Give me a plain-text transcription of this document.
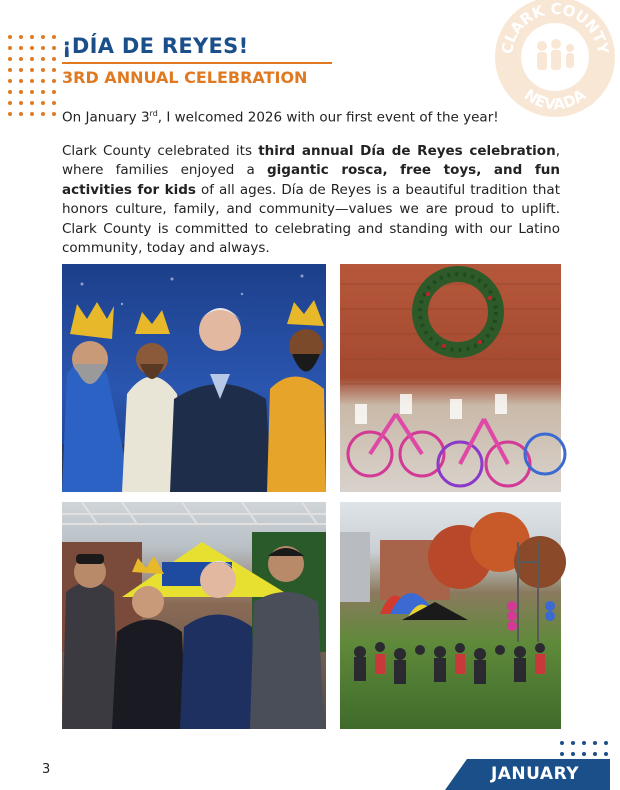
CLARK COUNTY
NEVADA
¡DÍA DE REYES!
3RD ANNUAL CELEBRATION

On January 3rd, I welcomed 2026 with our first event of the year!

Clark County celebrated its third annual Día de Reyes celebration, where families enjoyed a gigantic rosca, free toys, and fun activities for kids of all ages. Día de Reyes is a beautiful tradition that honors culture, family, and community—values we are proud to uplift. Clark County is committed to celebrating and standing with our Latino community, today and always.

3	JANUARY
